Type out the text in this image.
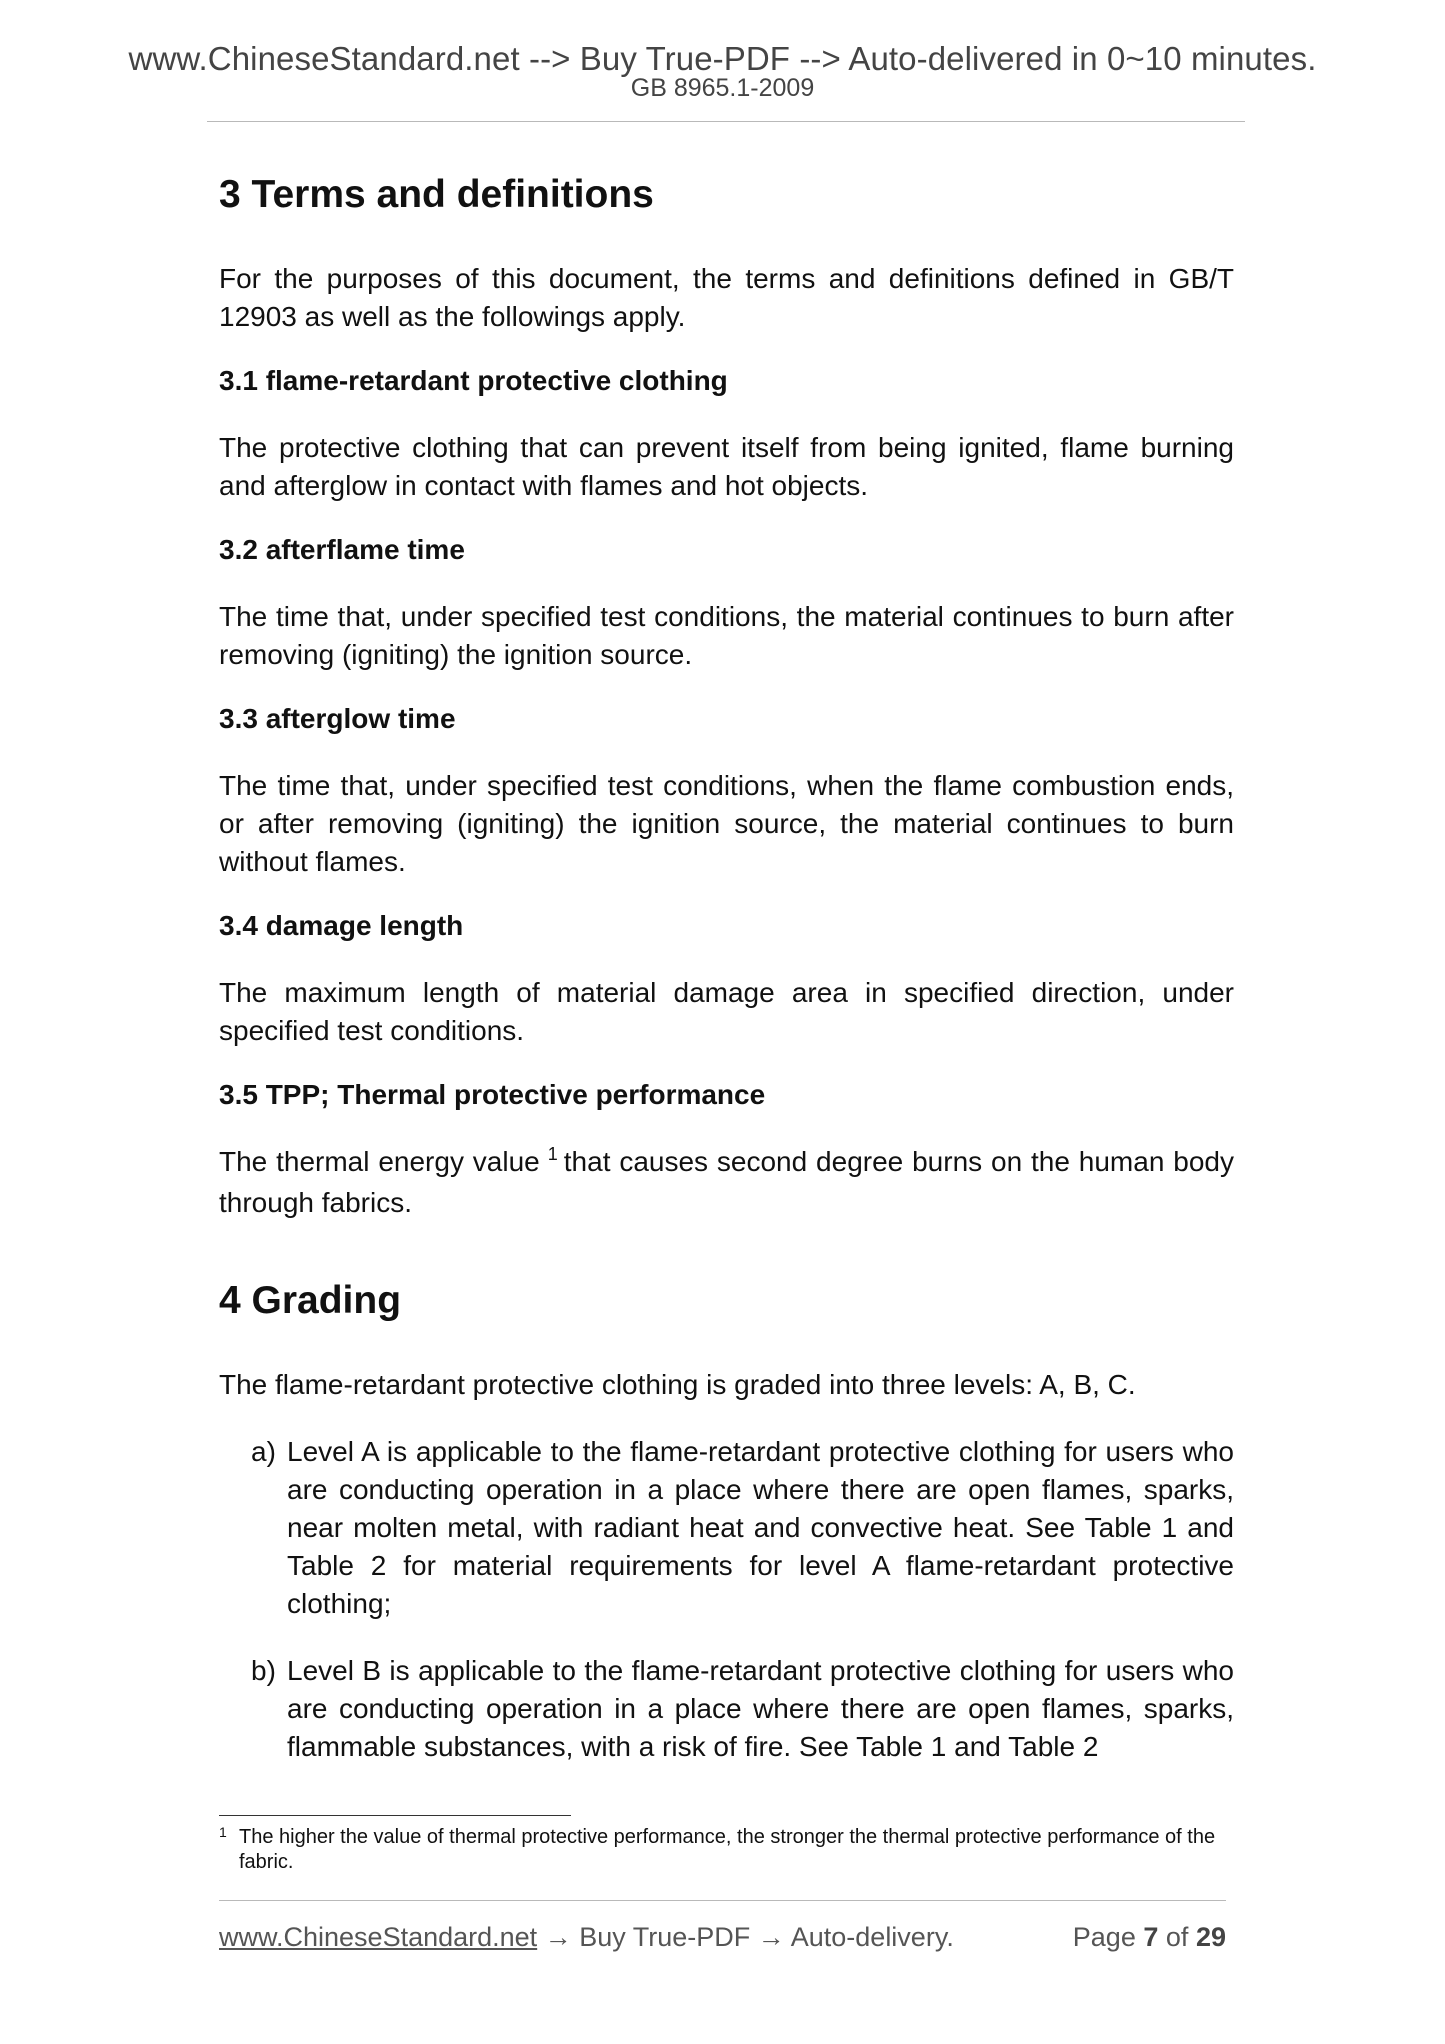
www.ChineseStandard.net --> Buy True-PDF --> Auto-delivered in 0~10 minutes.
GB 8965.1-2009
3 Terms and definitions

For the purposes of this document, the terms and definitions defined in GB/T 12903 as well as the followings apply.

3.1 flame-retardant protective clothing

The protective clothing that can prevent itself from being ignited, flame burning and afterglow in contact with flames and hot objects.

3.2 afterflame time

The time that, under specified test conditions, the material continues to burn after removing (igniting) the ignition source.

3.3 afterglow time

The time that, under specified test conditions, when the flame combustion ends, or after removing (igniting) the ignition source, the material continues to burn without flames.

3.4 damage length

The maximum length of material damage area in specified direction, under specified test conditions.

3.5 TPP; Thermal protective performance

The thermal energy value $^1$ that causes second degree burns on the human body through fabrics.

4 Grading

The flame-retardant protective clothing is graded into three levels: A, B, C.

a) Level A is applicable to the flame-retardant protective clothing for users who are conducting operation in a place where there are open flames, sparks, near molten metal, with radiant heat and convective heat. See Table 1 and Table 2 for material requirements for level A flame-retardant protective clothing;

b) Level B is applicable to the flame-retardant protective clothing for users who are conducting operation in a place where there are open flames, sparks, flammable substances, with a risk of fire. See Table 1 and Table 2

1 The higher the value of thermal protective performance, the stronger the thermal protective performance of the fabric.
www.ChineseStandard.net → Buy True-PDF → Auto-delivery.	Page 7 of 29
